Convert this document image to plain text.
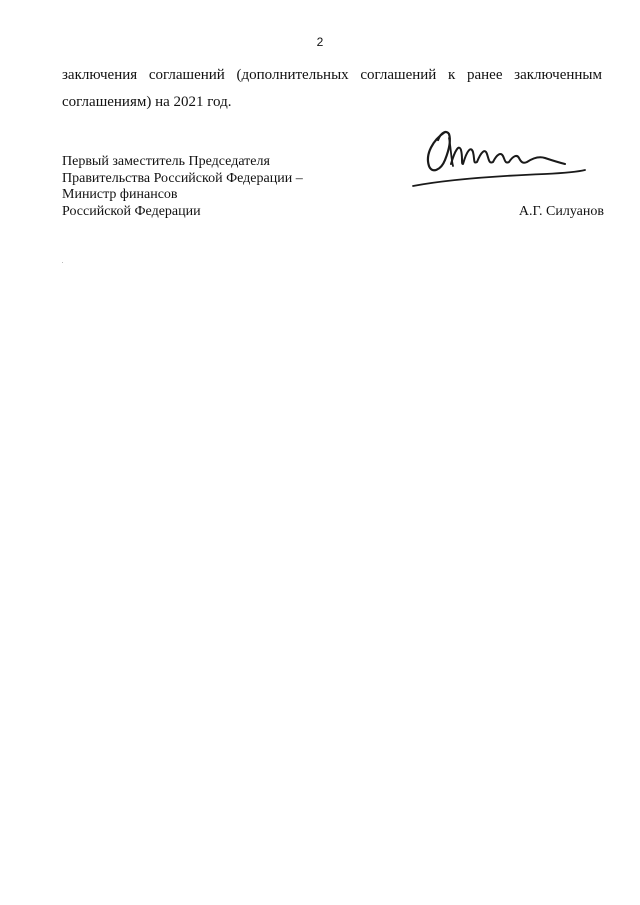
2
заключения соглашений (дополнительных соглашений к ранее заключенным
соглашениям) на 2021 год.
Первый заместитель Председателя
Правительства Российской Федерации –
Министр финансов
Российской Федерации	А.Г. Силуанов
